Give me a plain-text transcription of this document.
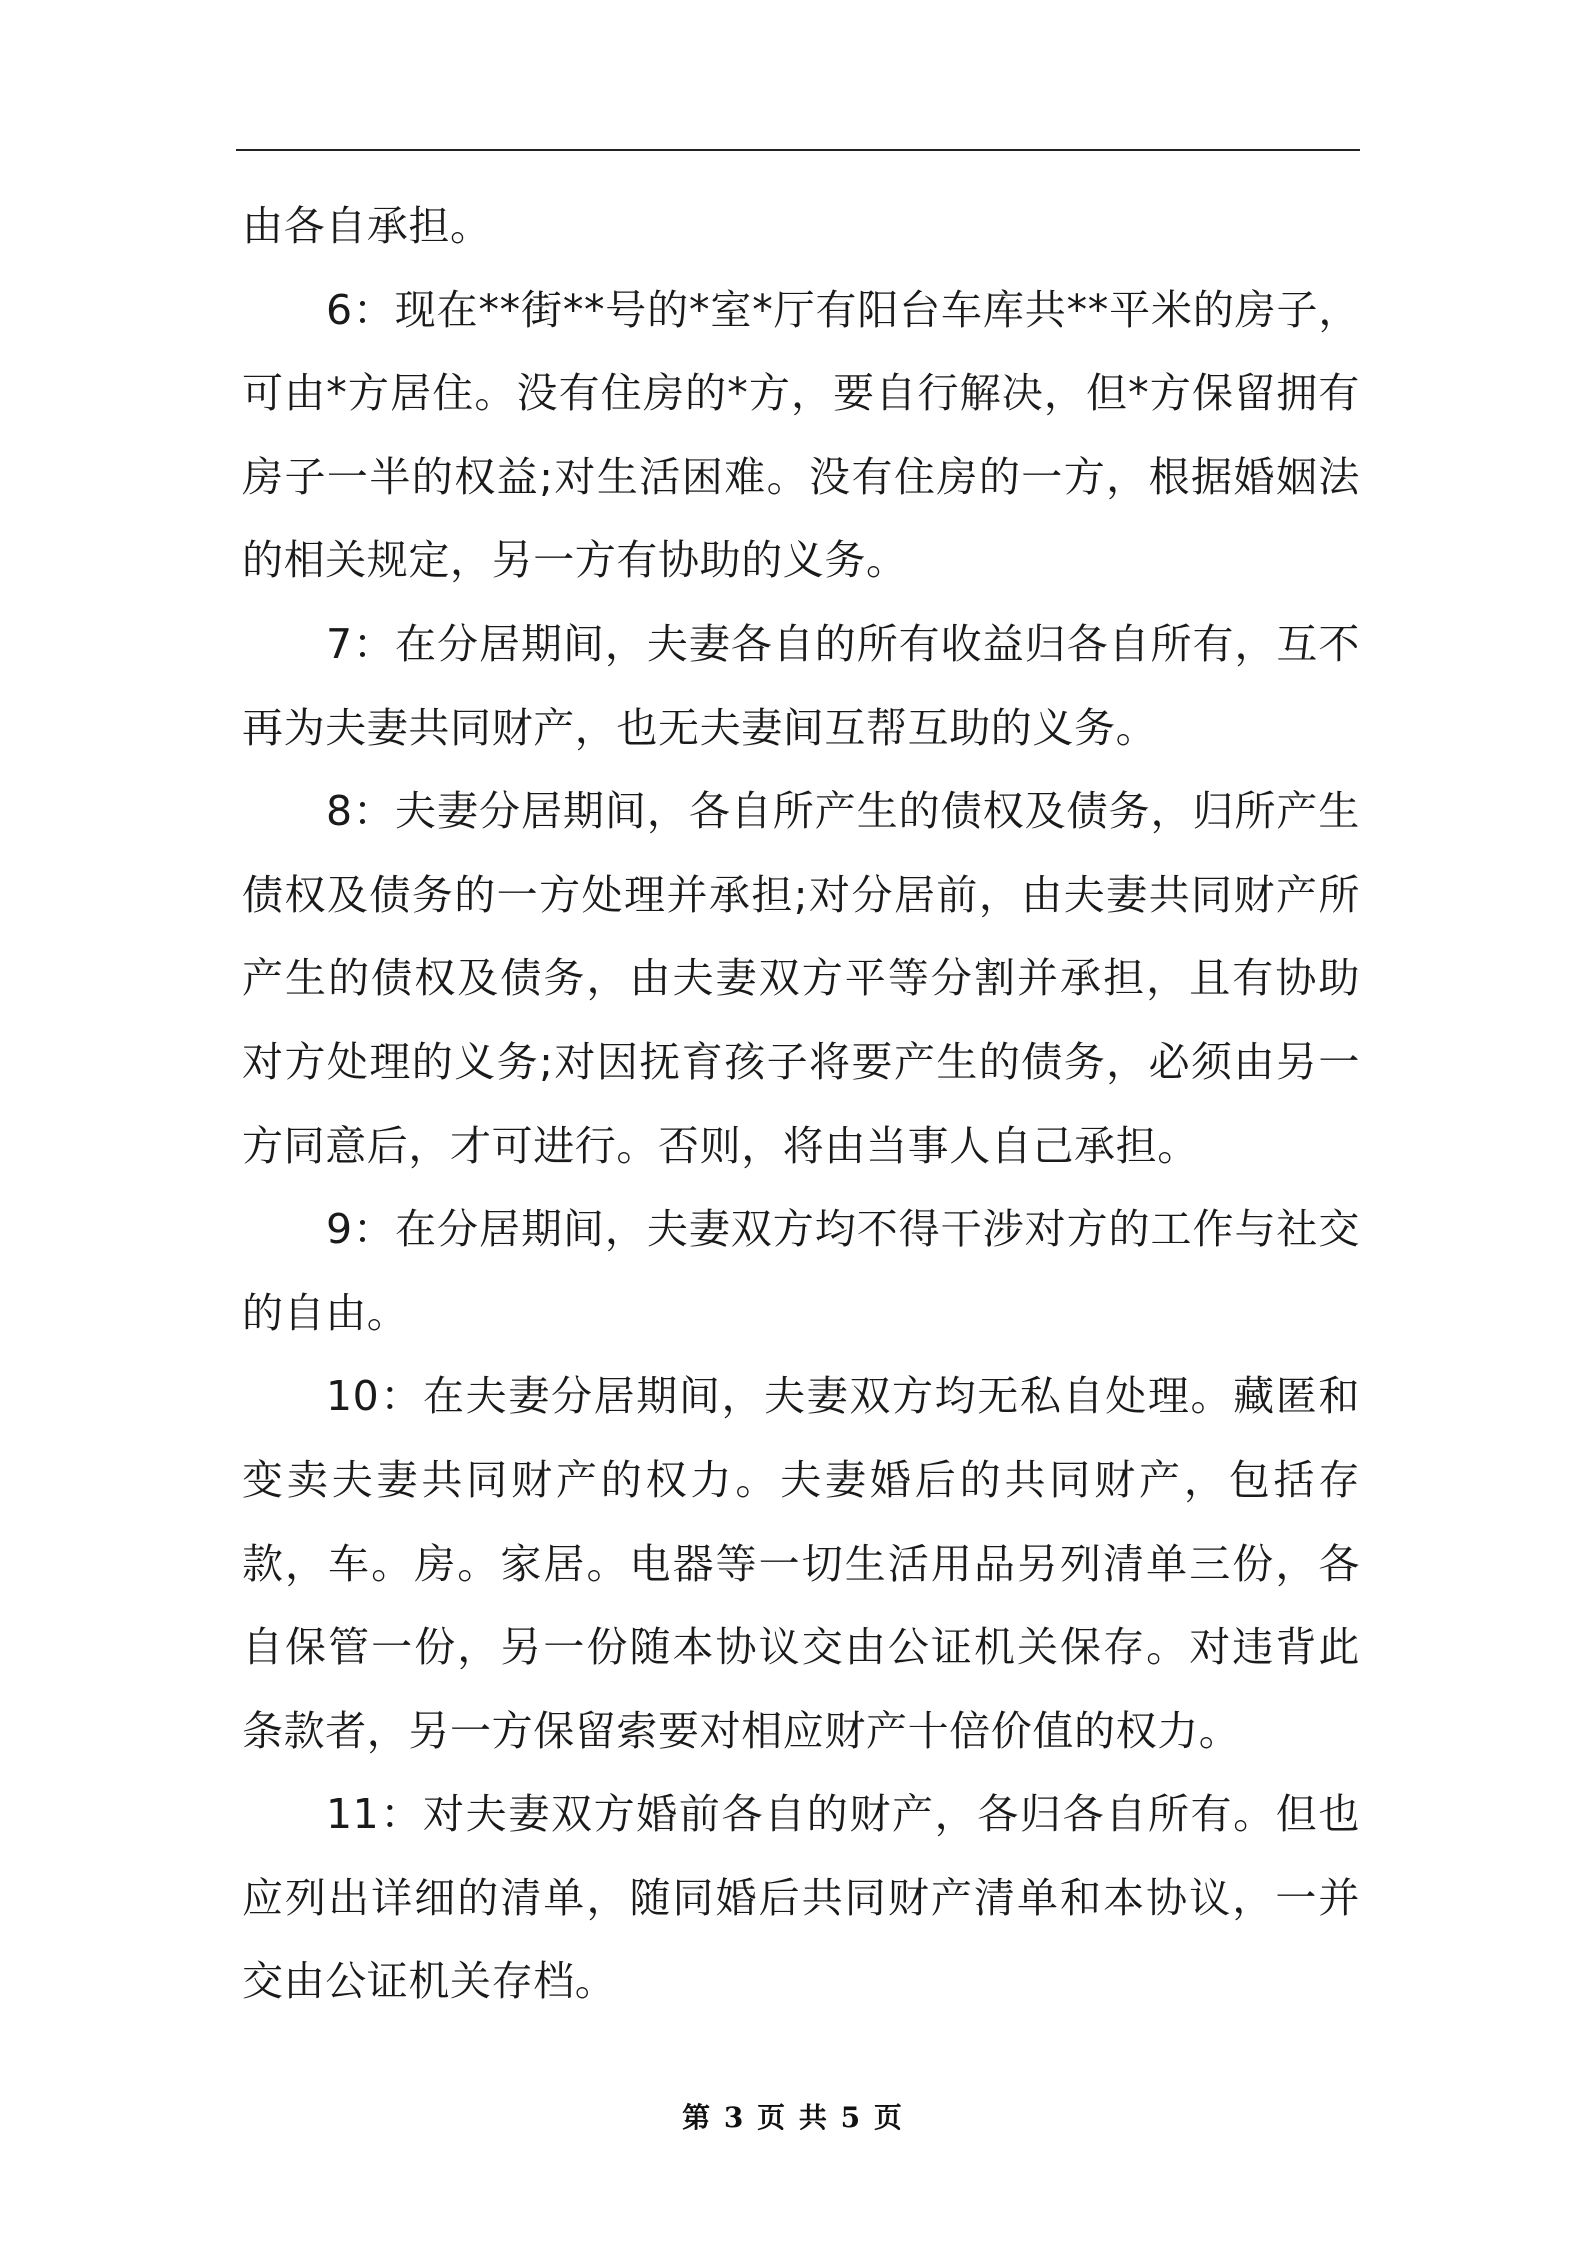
由各自承担。

6：现在**街**号的*室*厅有阳台车库共**平米的房子，可由*方居住。没有住房的*方，要自行解决，但*方保留拥有房子一半的权益;对生活困难。没有住房的一方，根据婚姻法的相关规定，另一方有协助的义务。

7：在分居期间，夫妻各自的所有收益归各自所有，互不再为夫妻共同财产，也无夫妻间互帮互助的义务。

8：夫妻分居期间，各自所产生的债权及债务，归所产生债权及债务的一方处理并承担;对分居前，由夫妻共同财产所产生的债权及债务，由夫妻双方平等分割并承担，且有协助对方处理的义务;对因抚育孩子将要产生的债务，必须由另一方同意后，才可进行。否则，将由当事人自己承担。

9：在分居期间，夫妻双方均不得干涉对方的工作与社交的自由。

10：在夫妻分居期间，夫妻双方均无私自处理。藏匿和变卖夫妻共同财产的权力。夫妻婚后的共同财产，包括存款，车。房。家居。电器等一切生活用品另列清单三份，各自保管一份，另一份随本协议交由公证机关保存。对违背此条款者，另一方保留索要对相应财产十倍价值的权力。

11：对夫妻双方婚前各自的财产，各归各自所有。但也应列出详细的清单，随同婚后共同财产清单和本协议，一并交由公证机关存档。

第 3 页 共 5 页
